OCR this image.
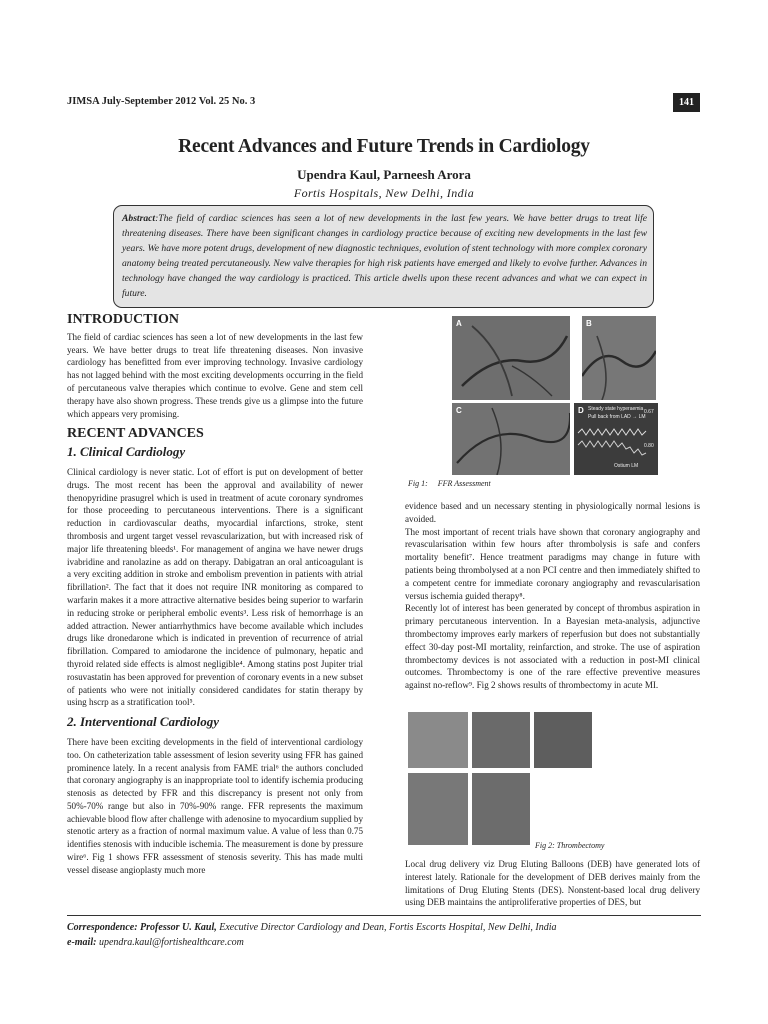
JIMSA July-September 2012 Vol. 25 No. 3	141
Recent Advances and Future Trends in Cardiology
Upendra Kaul, Parneesh Arora
Fortis Hospitals, New Delhi, India
Abstract:The field of cardiac sciences has seen a lot of new developments in the last few years. We have better drugs to treat life threatening diseases. There have been significant changes in cardiology practice because of exciting new developments in the last few years. We have more potent drugs, development of new diagnostic techniques, evolution of stent technology with more complex coronary anatomy being treated percutaneously. New valve therapies for high risk patients have emerged and likely to evolve further. Advances in technology have changed the way cardiology is practiced. This article dwells upon these recent advances and what we can expect in future.
INTRODUCTION

The field of cardiac sciences has seen a lot of new developments in the last few years. We have better drugs to treat life threatening diseases. Non invasive cardiology has benefitted from ever improving technology. Invasive cardiology has not lagged behind with the most exciting developments occurring in the field of percutaneous valve therapies which continue to evolve. Gene and stem cell therapy have also shown progress. These trends give us a glimpse into the future which appears very promising.

RECENT ADVANCES
1. Clinical Cardiology

Clinical cardiology is never static. Lot of effort is put on development of better drugs. The most recent has been the approval and availability of newer thenopyridine prasugrel which is used in treatment of acute coronary syndromes for those proceeding to percutaneous interventions. There is a significant reduction in cardiovascular deaths, myocardial infarctions, stroke, stent thrombosis and urgent target vessel revascularization, but with increased risk of major life threatening bleeds¹. For management of angina we have newer drugs ivabridine and ranolazine as add on therapy. Dabigatran an oral anticoagulant is a very exciting addition in stroke and embolism prevention in patients with atrial fibrillation². The fact that it does not require INR monitoring as compared to warfarin makes it a more attractive alternative besides being superior to warfarin in reducing stroke or peripheral embolic events³. Less risk of hemorrhage is an added attraction. Newer antiarrhythmics have become available which includes drugs like dronedarone which is indicated in prevention of recurrence of atrial fibrillation. Compared to amiodarone the incidence of pulmonary, hepatic and thyroid related side effects is almost negligible⁴. Among statins post Jupiter trial rosuvastatin has been approved for prevention of coronary events in a new subset of patients who were not initially considered candidates for statin therapy by using hscrp as a stratification tool⁵.

2. Interventional Cardiology

There have been exciting developments in the field of interventional cardiology too. On catheterization table assessment of lesion severity using FFR has gained prominence lately. In a recent analysis from FAME trial⁶ the authors concluded that coronary angiography is an inappropriate tool to identify ischemia producing stenosis as detected by FFR and this discrepancy is present not only from 50%-70% range but also in 70%-90% range. FFR represents the maximum achievable blood flow after challenge with adenosine to myocardium supplied by stenotic artery as a fraction of normal maximum value. A value of less than 0.75 identifies stenosis with inducible ischemia. The measurement is done by pressure wire⁶. Fig 1 shows FFR assessment of stenosis severity. This has made multi vessel disease angioplasty much more

A	B
C	D Steady state hyperaemia
Pull back from LAD → LM
Ostium LM
0.67
0.80
Fig 1: FFR Assessment

evidence based and un necessary stenting in physiologically normal lesions is avoided.

The most important of recent trials have shown that coronary angiography and revascularisation within few hours after thrombolysis is safe and confers mortality benefit⁷. Hence treatment paradigms may change in future with patients being thrombolysed at a non PCI centre and then immediately shifted to a competent centre for immediate coronary angiography and revascularisation versus ischemia guided therapy⁸.

Recently lot of interest has been generated by concept of thrombus aspiration in primary percutaneous intervention. In a Bayesian meta-analysis, adjunctive thrombectomy improves early markers of reperfusion but does not substantially effect 30-day post-MI mortality, reinfarction, and stroke. The use of aspiration thrombectomy devices is not associated with a reduction in post-MI clinical outcomes. Thrombectomy is one of the rare effective preventive measures against no-reflow⁹. Fig 2 shows results of thrombectomy in acute MI.

Fig 2: Thrombectomy

Local drug delivery viz Drug Eluting Balloons (DEB) have generated lots of interest lately. Rationale for the development of DEB derives mainly from the limitations of Drug Eluting Stents (DES). Nonstent-based local drug delivery using DEB maintains the antiproliferative properties of DES, but

Correspondence: Professor U. Kaul, Executive Director Cardiology and Dean, Fortis Escorts Hospital, New Delhi, India
e-mail: upendra.kaul@fortishealthcare.com
